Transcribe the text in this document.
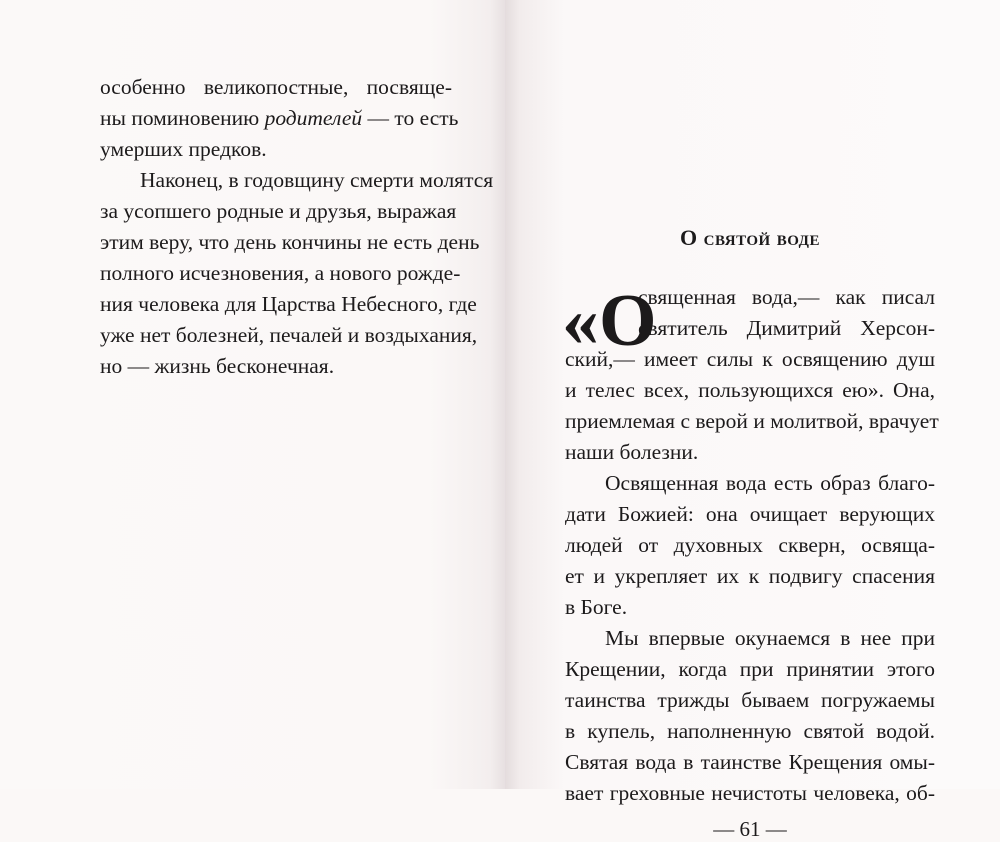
особенно великопостные, посвяще-
ны поминовению родителей — то есть
умерших предков.
Наконец, в годовщину смерти молятся
за усопшего родные и друзья, выражая
этим веру, что день кончины не есть день
полного исчезновения, а нового рожде-
ния человека для Царства Небесного, где
уже нет болезней, печалей и воздыхания,
но — жизнь бесконечная.
О святой воде
«О
священная вода,— как писал
святитель Димитрий Херсон-
ский,— имеет силы к освящению душ
и телес всех, пользующихся ею». Она,
приемлемая с верой и молитвой, врачует
наши болезни.
Освященная вода есть образ благо-
дати Божией: она очищает верующих
людей от духовных скверн, освяща-
ет и укрепляет их к подвигу спасения
в Боге.
Мы впервые окунаемся в нее при
Крещении, когда при принятии этого
таинства трижды бываем погружаемы
— 61 —
в купель, наполненную святой водой.
Святая вода в таинстве Крещения омы-
вает греховные нечистоты человека, об-
